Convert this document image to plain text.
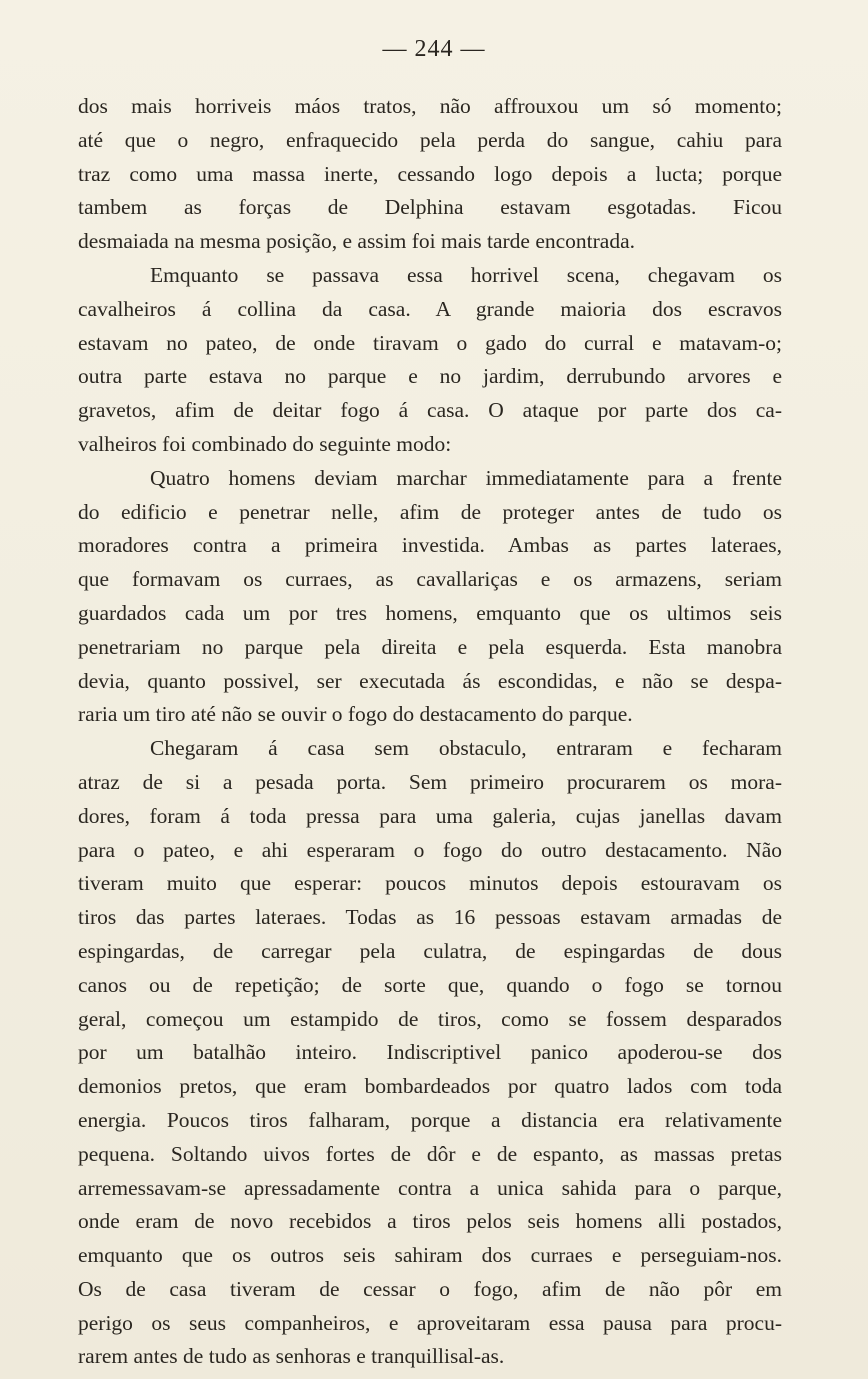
— 244 —
dos mais horriveis máos tratos, não affrouxou um só momento;
até que o negro, enfraquecido pela perda do sangue, cahiu para
traz como uma massa inerte, cessando logo depois a lucta; porque
tambem as forças de Delphina estavam esgotadas. Ficou
desmaiada na mesma posição, e assim foi mais tarde encontrada.
Emquanto se passava essa horrivel scena, chegavam os
cavalheiros á collina da casa. A grande maioria dos escravos
estavam no pateo, de onde tiravam o gado do curral e matavam-o;
outra parte estava no parque e no jardim, derrubundo arvores e
gravetos, afim de deitar fogo á casa. O ataque por parte dos ca-
valheiros foi combinado do seguinte modo:
Quatro homens deviam marchar immediatamente para a frente
do edificio e penetrar nelle, afim de proteger antes de tudo os
moradores contra a primeira investida. Ambas as partes lateraes,
que formavam os curraes, as cavallariças e os armazens, seriam
guardados cada um por tres homens, emquanto que os ultimos seis
penetrariam no parque pela direita e pela esquerda. Esta manobra
devia, quanto possivel, ser executada ás escondidas, e não se despa-
raria um tiro até não se ouvir o fogo do destacamento do parque.
Chegaram á casa sem obstaculo, entraram e fecharam
atraz de si a pesada porta. Sem primeiro procurarem os mora-
dores, foram á toda pressa para uma galeria, cujas janellas davam
para o pateo, e ahi esperaram o fogo do outro destacamento. Não
tiveram muito que esperar: poucos minutos depois estouravam os
tiros das partes lateraes. Todas as 16 pessoas estavam armadas de
espingardas, de carregar pela culatra, de espingardas de dous
canos ou de repetição; de sorte que, quando o fogo se tornou
geral, começou um estampido de tiros, como se fossem desparados
por um batalhão inteiro. Indiscriptivel panico apoderou-se dos
demonios pretos, que eram bombardeados por quatro lados com toda
energia. Poucos tiros falharam, porque a distancia era relativamente
pequena. Soltando uivos fortes de dôr e de espanto, as massas pretas
arremessavam-se apressadamente contra a unica sahida para o parque,
onde eram de novo recebidos a tiros pelos seis homens alli postados,
emquanto que os outros seis sahiram dos curraes e perseguiam-nos.
Os de casa tiveram de cessar o fogo, afim de não pôr em
perigo os seus companheiros, e aproveitaram essa pausa para procu-
rarem antes de tudo as senhoras e tranquillisal-as.
